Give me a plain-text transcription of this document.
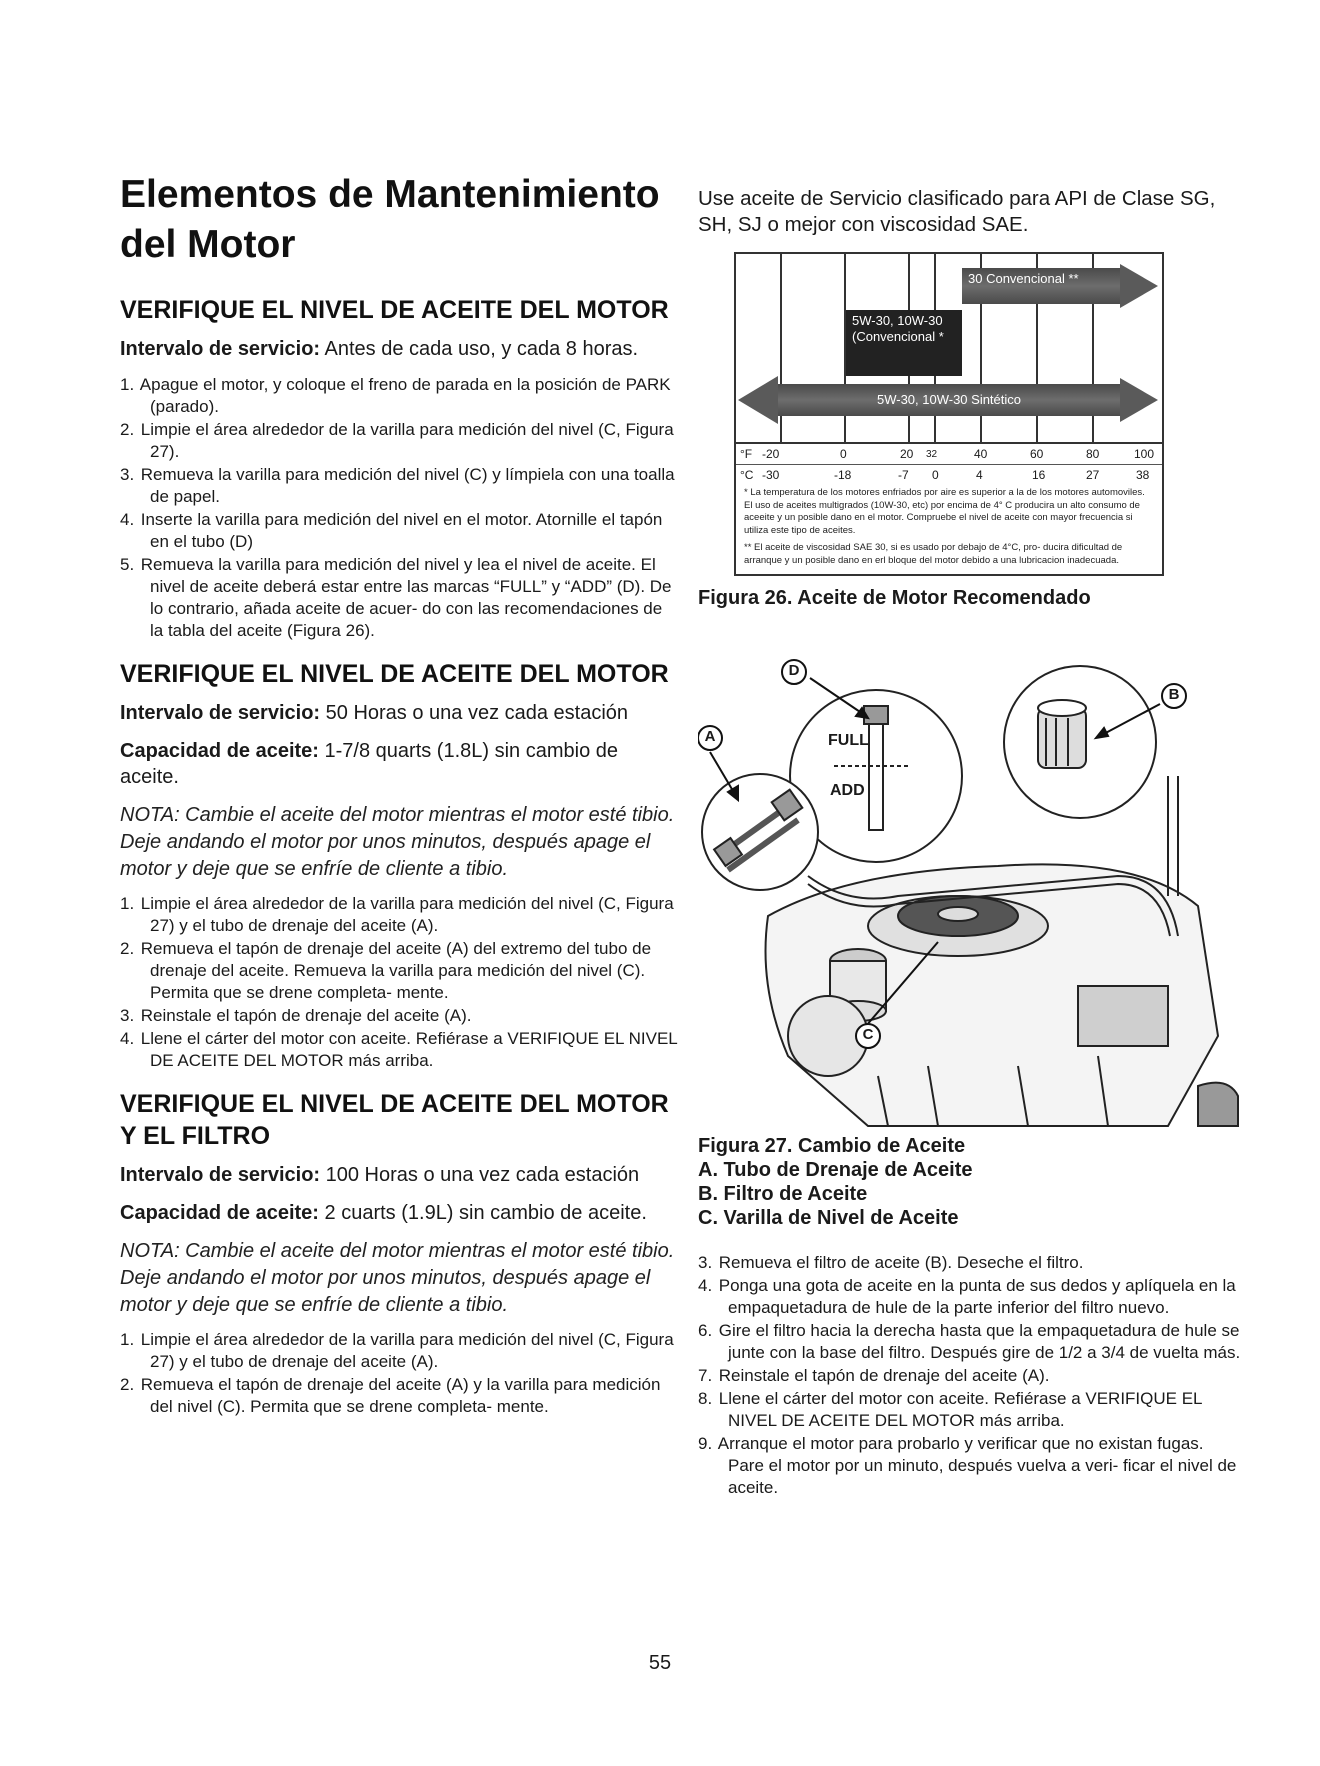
Elementos de Mantenimiento del Motor
VERIFIQUE EL NIVEL DE ACEITE DEL MOTOR

Intervalo de servicio: Antes de cada uso, y cada 8 horas.

1. Apague el motor, y coloque el freno de parada en la posición de PARK (parado).
2. Limpie el área alrededor de la varilla para medición del nivel (C, Figura 27).
3. Remueva la varilla para medición del nivel (C) y límpiela con una toalla de papel.
4. Inserte la varilla para medición del nivel en el motor. Atornille el tapón en el tubo (D)
5. Remueva la varilla para medición del nivel y lea el nivel de aceite. El nivel de aceite deberá estar entre las marcas “FULL” y “ADD” (D). De lo contrario, añada aceite de acuer- do con las recomendaciones de la tabla del aceite (Figura 26).
VERIFIQUE EL NIVEL DE ACEITE DEL MOTOR

Intervalo de servicio: 50 Horas o una vez cada estación

Capacidad de aceite: 1-7/8 quarts (1.8L) sin cambio de aceite.

NOTA: Cambie el aceite del motor mientras el motor esté tibio. Deje andando el motor por unos minutos, después apage el motor y deje que se enfríe de cliente a tibio.

1. Limpie el área alrededor de la varilla para medición del nivel (C, Figura 27) y el tubo de drenaje del aceite (A).
2. Remueva el tapón de drenaje del aceite (A) del extremo del tubo de drenaje del aceite. Remueva la varilla para medición del nivel (C). Permita que se drene completa- mente.
3. Reinstale el tapón de drenaje del aceite (A).
4. Llene el cárter del motor con aceite. Refiérase a VERIFIQUE EL NIVEL DE ACEITE DEL MOTOR más arriba.
VERIFIQUE EL NIVEL DE ACEITE DEL MOTOR Y EL FILTRO

Intervalo de servicio: 100 Horas o una vez cada estación

Capacidad de aceite: 2 cuarts (1.9L) sin cambio de aceite.

NOTA: Cambie el aceite del motor mientras el motor esté tibio. Deje andando el motor por unos minutos, después apage el motor y deje que se enfríe de cliente a tibio.

1. Limpie el área alrededor de la varilla para medición del nivel (C, Figura 27) y el tubo de drenaje del aceite (A).
2. Remueva el tapón de drenaje del aceite (A) y la varilla para medición del nivel (C). Permita que se drene completa- mente.

Use aceite de Servicio clasificado para API de Clase SG, SH, SJ o mejor con viscosidad SAE.

30 Convencional **
5W-30, 10W-30 (Convencional *
5W-30, 10W-30 Sintético
°F -20	0	20 32	40	60	80	100
°C -30	-18	-7 0	4	16	27	38

* La temperatura de los motores enfriados por aire es superior a la de los motores automoviles. El uso de aceites multigrados (10W-30, etc) por encima de 4° C producira un alto consumo de aceeite y un posible dano en el motor. Compruebe el nivel de aceite con mayor frecuencia si utiliza este tipo de aceites.

** El aceite de viscosidad SAE 30, si es usado por debajo de 4°C, pro- ducira dificultad de arranque y un posible dano en erl bloque del motor debido a una lubricacion inadecuada.

Figura 26. Aceite de Motor Recomendado

D
A
B
C
FULL
ADD

Figura 27. Cambio de Aceite

A. Tubo de Drenaje de Aceite
B. Filtro de Aceite
C. Varilla de Nivel de Aceite
3. Remueva el filtro de aceite (B). Deseche el filtro.
4. Ponga una gota de aceite en la punta de sus dedos y aplíquela en la empaquetadura de hule de la parte inferior del filtro nuevo.
6. Gire el filtro hacia la derecha hasta que la empaquetadura de hule se junte con la base del filtro. Después gire de 1/2 a 3/4 de vuelta más.
7. Reinstale el tapón de drenaje del aceite (A).
8. Llene el cárter del motor con aceite. Refiérase a VERIFIQUE EL NIVEL DE ACEITE DEL MOTOR más arriba.
9. Arranque el motor para probarlo y verificar que no existan fugas. Pare el motor por un minuto, después vuelva a veri- ficar el nivel de aceite.
55
